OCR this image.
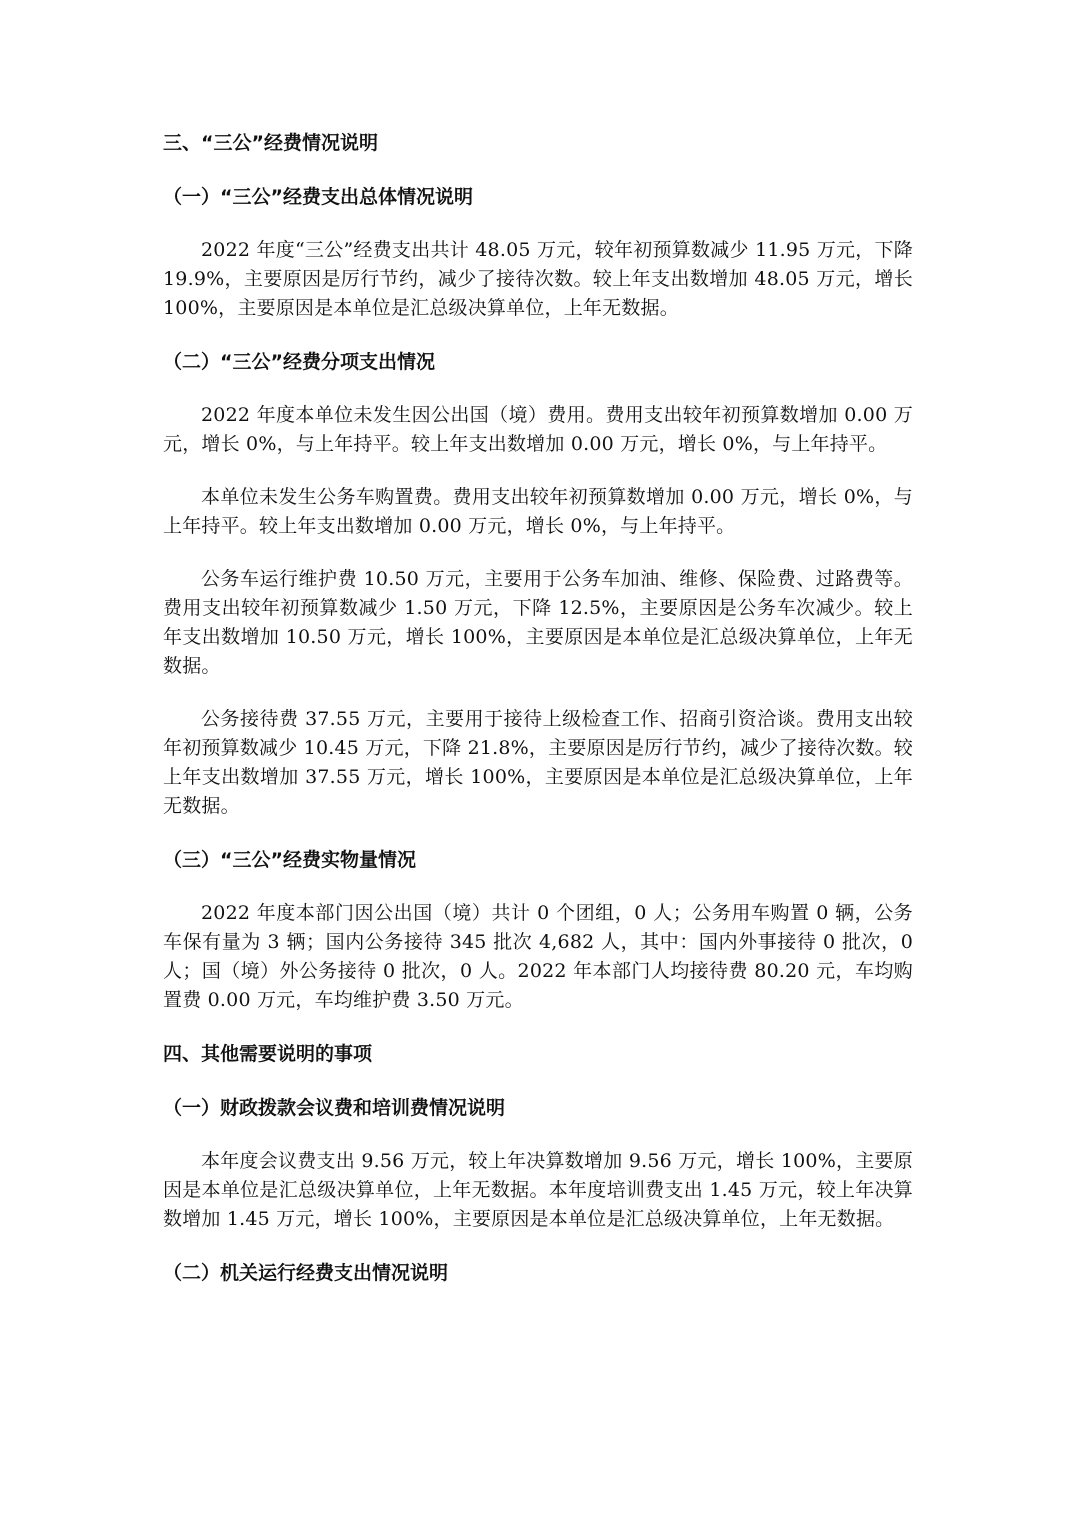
三、“三公”经费情况说明
（一）“三公”经费支出总体情况说明
2022 年度“三公”经费支出共计 48.05 万元，较年初预算数减少 11.95 万元，下降 19.9%，主要原因是厉行节约，减少了接待次数。较上年支出数增加 48.05 万元，增长 100%，主要原因是本单位是汇总级决算单位，上年无数据。
（二）“三公”经费分项支出情况
2022 年度本单位未发生因公出国（境）费用。费用支出较年初预算数增加 0.00 万元，增长 0%，与上年持平。较上年支出数增加 0.00 万元，增长 0%，与上年持平。
本单位未发生公务车购置费。费用支出较年初预算数增加 0.00 万元，增长 0%，与上年持平。较上年支出数增加 0.00 万元，增长 0%，与上年持平。
公务车运行维护费 10.50 万元，主要用于公务车加油、维修、保险费、过路费等。费用支出较年初预算数减少 1.50 万元，下降 12.5%，主要原因是公务车次减少。较上年支出数增加 10.50 万元，增长 100%，主要原因是本单位是汇总级决算单位，上年无数据。
公务接待费 37.55 万元，主要用于接待上级检查工作、招商引资洽谈。费用支出较年初预算数减少 10.45 万元，下降 21.8%，主要原因是厉行节约，减少了接待次数。较上年支出数增加 37.55 万元，增长 100%，主要原因是本单位是汇总级决算单位，上年无数据。
（三）“三公”经费实物量情况
2022 年度本部门因公出国（境）共计 0 个团组，0 人；公务用车购置 0 辆，公务车保有量为 3 辆；国内公务接待 345 批次 4,682 人，其中：国内外事接待 0 批次，0 人；国（境）外公务接待 0 批次，0 人。2022 年本部门人均接待费 80.20 元，车均购置费 0.00 万元，车均维护费 3.50 万元。
四、其他需要说明的事项
（一）财政拨款会议费和培训费情况说明
本年度会议费支出 9.56 万元，较上年决算数增加 9.56 万元，增长 100%，主要原因是本单位是汇总级决算单位，上年无数据。本年度培训费支出 1.45 万元，较上年决算数增加 1.45 万元，增长 100%，主要原因是本单位是汇总级决算单位，上年无数据。
（二）机关运行经费支出情况说明
